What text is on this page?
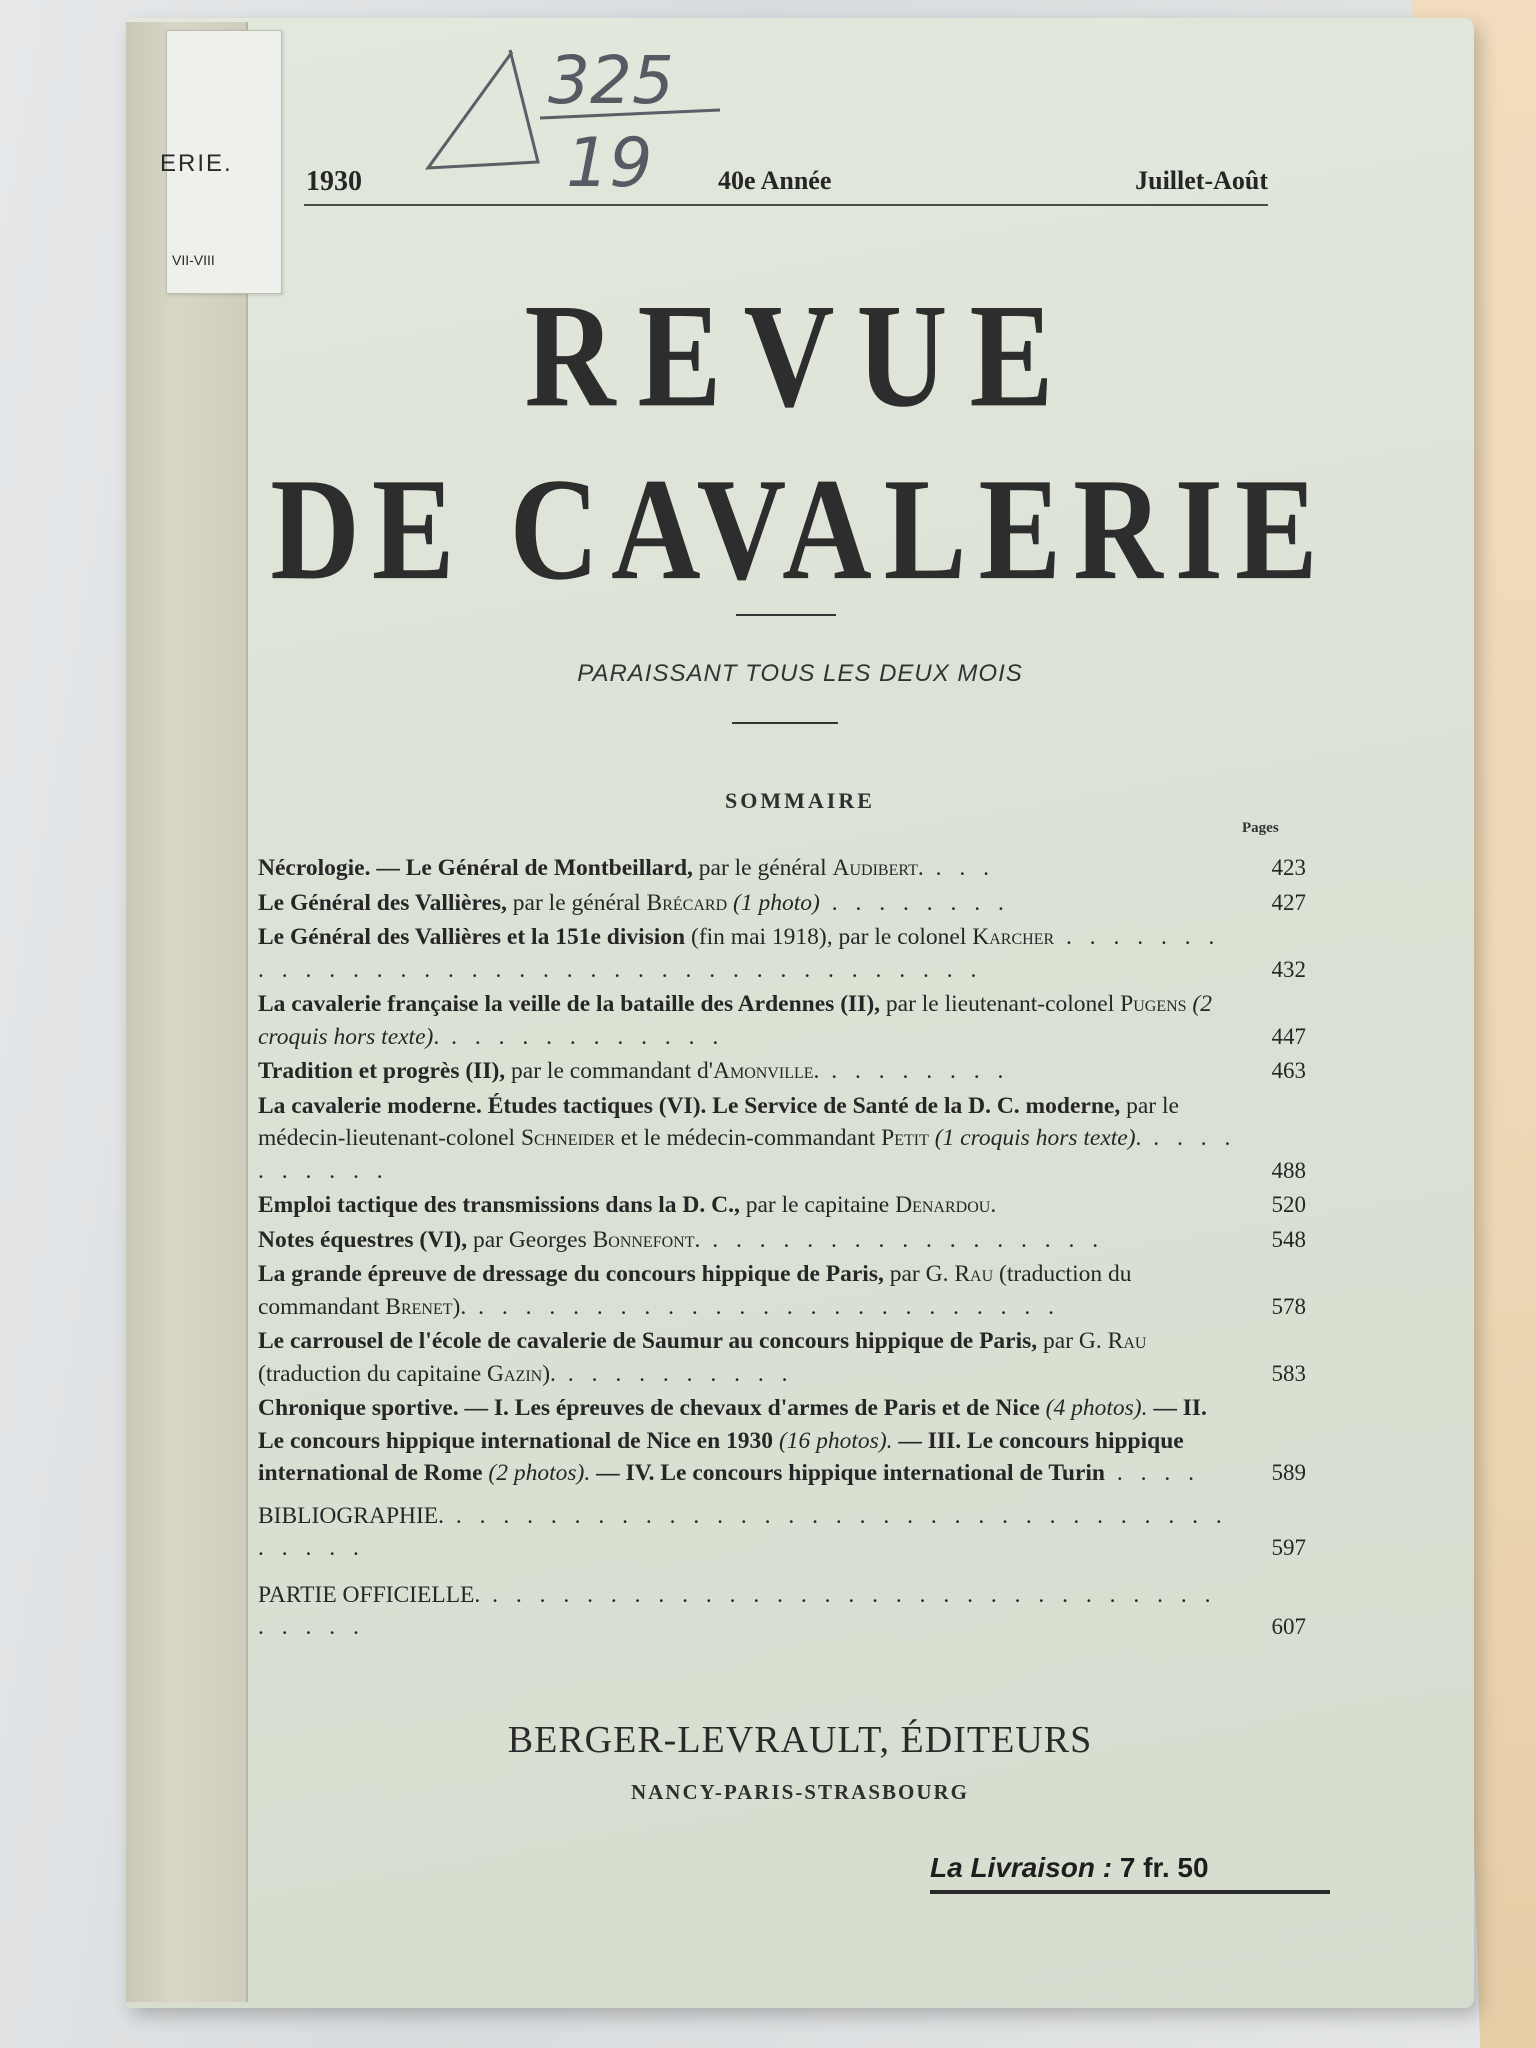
ERIE.
VII-VIII
325
19
1930	40e Année	Juillet-Août
REVUE
DE CAVALERIE
PARAISSANT TOUS LES DEUX MOIS
SOMMAIRE
Pages
Nécrologie. — Le Général de Montbeillard, par le général Audibert. . . .	423
Le Général des Vallières, par le général Brécard (1 photo) . . . . . . . .	427
Le Général des Vallières et la 151e division (fin mai 1918), par le colonel Karcher . . . . . . . . . . . . . . . . . . . . . . . . . . . . . . . . . . . . . .	432
La cavalerie française la veille de la bataille des Ardennes (II), par le lieutenant-colonel Pugens (2 croquis hors texte). . . . . . . . . . . . .	447
Tradition et progrès (II), par le commandant d'Amonville. . . . . . . . .	463
La cavalerie moderne. Études tactiques (VI). Le Service de Santé de la D. C. moderne, par le médecin-lieutenant-colonel Schneider et le médecin-commandant Petit (1 croquis hors texte). . . . . . . . . . .	488
Emploi tactique des transmissions dans la D. C., par le capitaine Denardou.	520
Notes équestres (VI), par Georges Bonnefont. . . . . . . . . . . . . . . . . .	548
La grande épreuve de dressage du concours hippique de Paris, par G. Rau (traduction du commandant Brenet). . . . . . . . . . . . . . . . . . . . . . . . . .	578
Le carrousel de l'école de cavalerie de Saumur au concours hippique de Paris, par G. Rau (traduction du capitaine Gazin). . . . . . . . . . .	583
Chronique sportive. — I. Les épreuves de chevaux d'armes de Paris et de Nice (4 photos). — II. Le concours hippique international de Nice en 1930 (16 photos). — III. Le concours hippique international de Rome (2 photos). — IV. Le concours hippique international de Turin . . . .	589
BIBLIOGRAPHIE. . . . . . . . . . . . . . . . . . . . . . . . . . . . . . . . . . . . . . .	597
PARTIE OFFICIELLE. . . . . . . . . . . . . . . . . . . . . . . . . . . . . . . . . . . . .	607
BERGER-LEVRAULT, ÉDITEURS
NANCY-PARIS-STRASBOURG
La Livraison : 7 fr. 50
